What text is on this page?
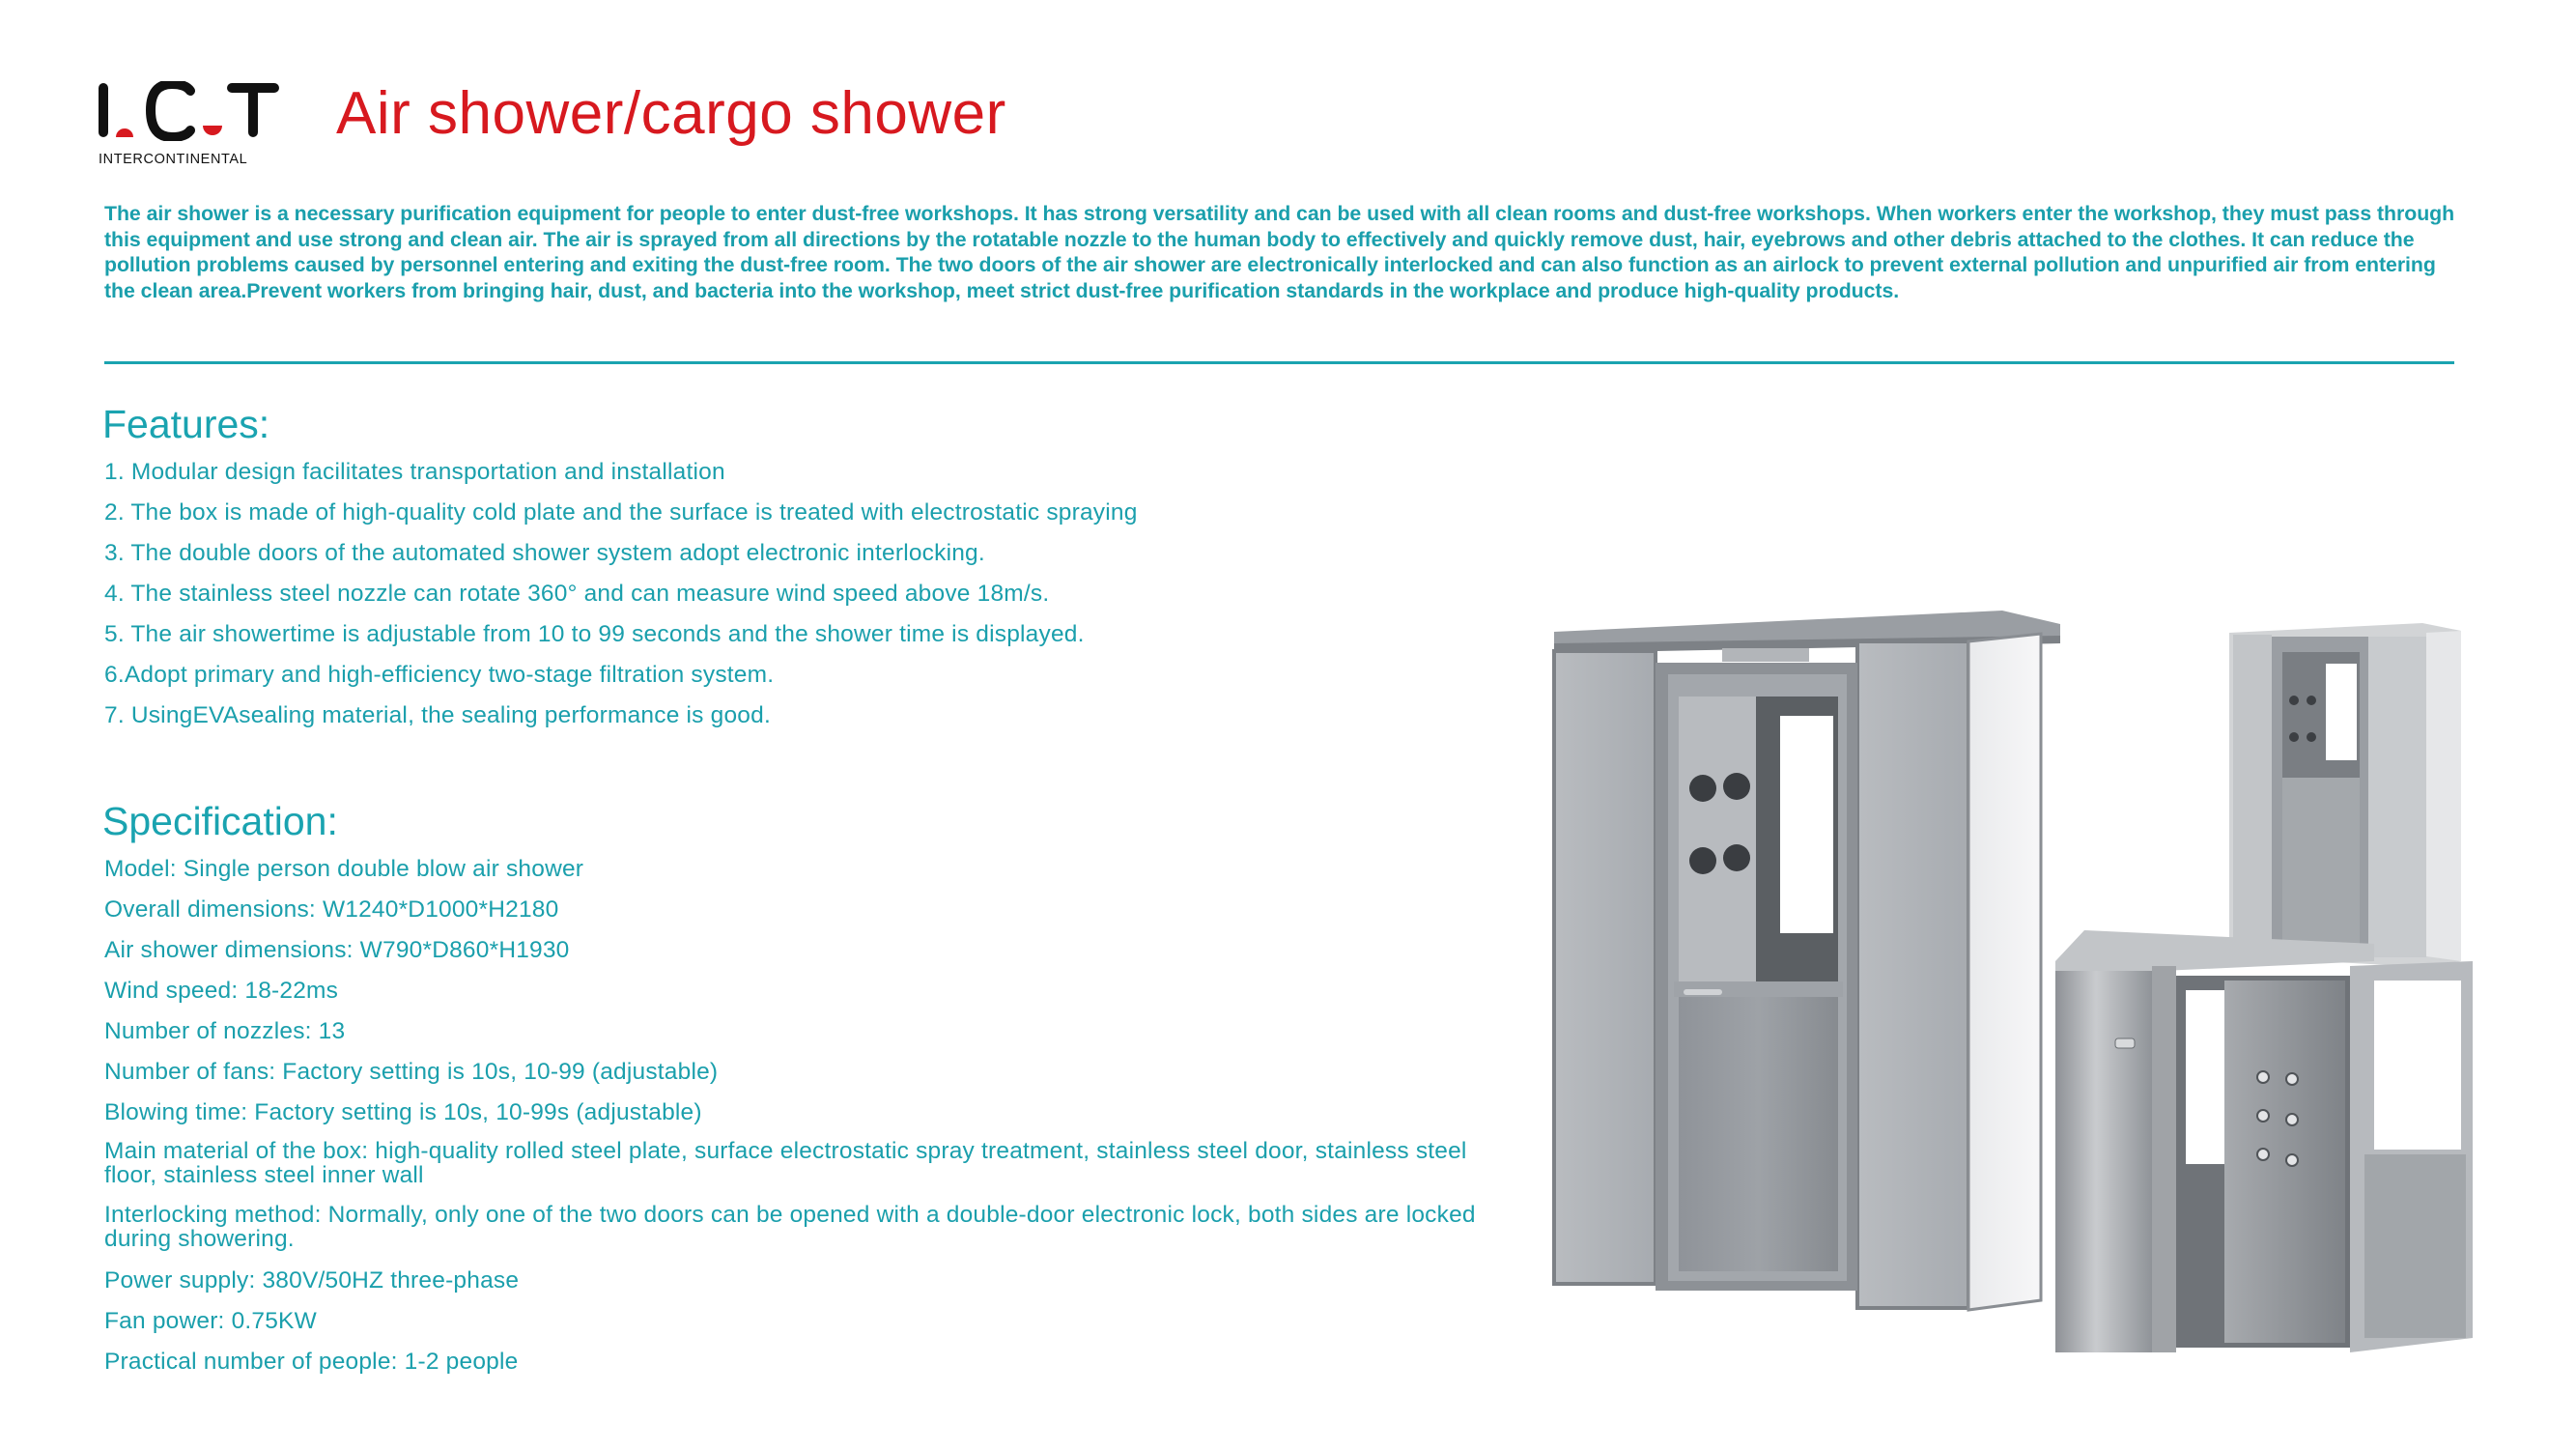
INTERCONTINENTAL
Air shower/cargo shower

The air shower is a necessary purification equipment for people to enter dust-free workshops. It has strong versatility and can be used with all clean rooms and dust-free workshops. When workers enter the workshop, they must pass through this equipment and use strong and clean air. The air is sprayed from all directions by the rotatable nozzle to the human body to effectively and quickly remove dust, hair, eyebrows and other debris attached to the clothes. It can reduce the pollution problems caused by personnel entering and exiting the dust-free room. The two doors of the air shower are electronically interlocked and can also function as an airlock to prevent external pollution and unpurified air from entering the clean area.Prevent workers from bringing hair, dust, and bacteria into the workshop, meet strict dust-free purification standards in the workplace and produce high-quality products.

Features:
1. Modular design facilitates transportation and installation
2. The box is made of high-quality cold plate and the surface is treated with electrostatic spraying
3. The double doors of the automated shower system adopt electronic interlocking.
4. The stainless steel nozzle can rotate 360° and can measure wind speed above 18m/s.
5. The air showertime is adjustable from 10 to 99 seconds and the shower time is displayed.
6.Adopt primary and high-efficiency two-stage filtration system.
7. UsingEVAsealing material, the sealing performance is good.
Specification:
Model: Single person double blow air shower
Overall dimensions: W1240*D1000*H2180
Air shower dimensions: W790*D860*H1930
Wind speed: 18-22ms
Number of nozzles: 13
Number of fans: Factory setting is 10s, 10-99 (adjustable)
Blowing time: Factory setting is 10s, 10-99s (adjustable)
Main material of the box: high-quality rolled steel plate, surface electrostatic spray treatment, stainless steel door, stainless steel floor, stainless steel inner wall
Interlocking method: Normally, only one of the two doors can be opened with a double-door electronic lock, both sides are locked during showering.
Power supply: 380V/50HZ three-phase
Fan power: 0.75KW
Practical number of people: 1-2 people
